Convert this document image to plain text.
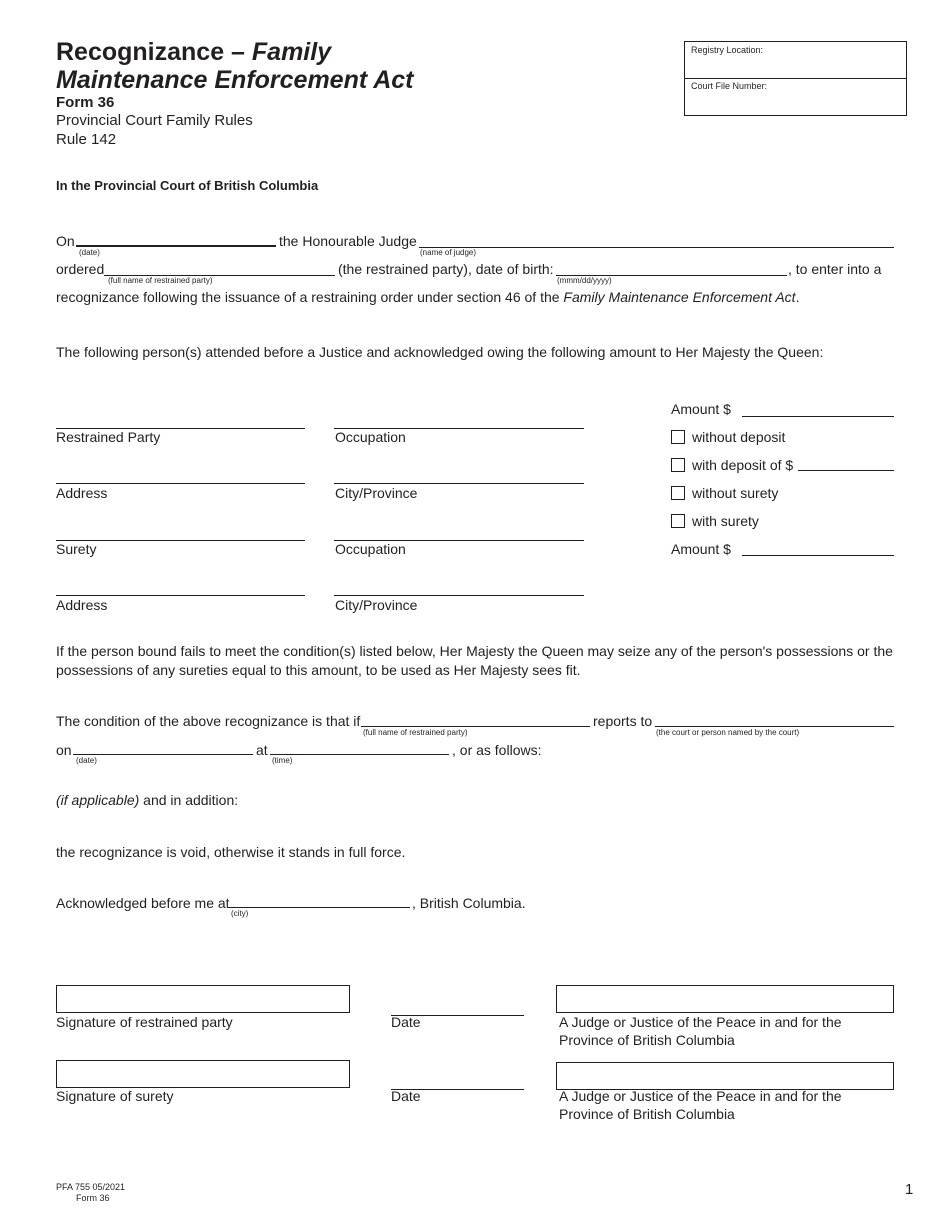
Recognizance – Family
Maintenance Enforcement Act
Form 36
Provincial Court Family Rules
Rule 142
Registry Location:
Court File Number:
In the Provincial Court of British Columbia
On
(date)
the Honourable Judge
(name of judge)
ordered
(full name of restrained party)
(the restrained party), date of birth:
(mmm/dd/yyyy)
, to enter into a
recognizance following the issuance of a restraining order under section 46 of the Family Maintenance Enforcement Act.
The following person(s) attended before a Justice and acknowledged owing the following amount to Her Majesty the Queen:
Restrained Party	Occupation
Address	City/Province
Surety	Occupation
Address	City/Province
Amount $
without deposit
with deposit of $
without surety
with surety
Amount $
If the person bound fails to meet the condition(s) listed below, Her Majesty the Queen may seize any of the person's possessions or the
possessions of any sureties equal to this amount, to be used as Her Majesty sees fit.
The condition of the above recognizance is that if
(full name of restrained party)
reports to
(the court or person named by the court)
on
(date)
at
(time)
, or as follows:
(if applicable) and in addition:
the recognizance is void, otherwise it stands in full force.
Acknowledged before me at
(city)
, British Columbia.
Signature of restrained party	Date	A Judge or Justice of the Peace in and for the
Province of British Columbia
Signature of surety	Date	A Judge or Justice of the Peace in and for the
Province of British Columbia
PFA 755 05/2021
Form 36	1
